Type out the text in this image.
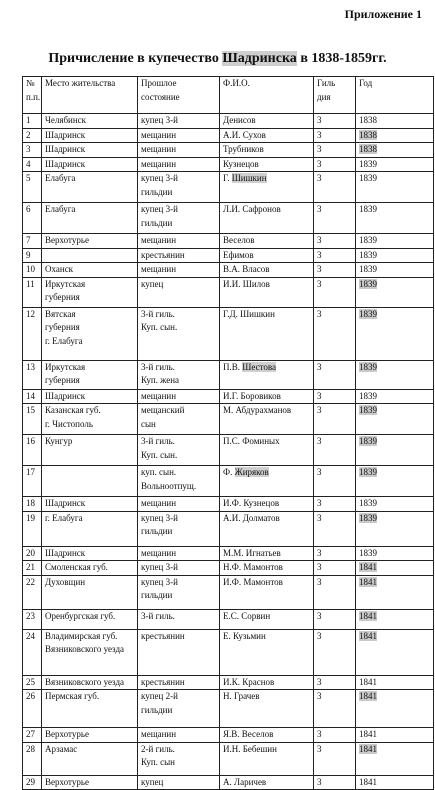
Приложение 1
Причисление в купечество Шадринска в 1838-1859гг.
№
п.п.	Место жительства	Прошлое
состояние	Ф.И.О.	Гиль
дия	Год
1	Челябинск	купец 3-й	Денисов	3	1838
2	Шадринск	мещанин	А.И. Сухов	3	1838
3	Шадринск	мещанин	Трубников	3	1838
4	Шадринск	мещанин	Кузнецов	3	1839
5	Елабуга	купец 3-й
гильдии	Г. Шишкин	3	1839
6	Елабуга	купец 3-й
гильдии	Л.И. Сафронов	3	1839
7	Верхотурье	мещанин	Веселов	3	1839
9		крестьянин	Ефимов	3	1839
10	Оханск	мещанин	В.А. Власов	3	1839
11	Иркутская
губерния	купец	И.И. Шилов	3	1839
12	Вятская
губерния
г. Елабуга	3-й гиль.
Куп. сын.	Г.Д. Шишкин	3	1839
13	Иркутская
губерния	3-й гиль.
Куп. жена	П.В. Шестова	3	1839
14	Шадринск	мещанин	И.Г. Боровиков	3	1839
15	Казанская губ.
г. Чистополь	мещанский
сын	М. Абдурахманов	3	1839
16	Кунгур	3-й гиль.
Куп. сын.	П.С. Фоминых	3	1839
17		куп. сын.
Вольноотпущ.	Ф. Жиряков	3	1839
18	Шадринск	мещанин	И.Ф. Кузнецов	3	1839
19	г. Елабуга	купец 3-й
гильдии	А.И. Долматов	3	1839
20	Шадринск	мещанин	М.М. Игнатьев	3	1839
21	Смоленская губ.	купец 3-й	Н.Ф. Мамонтов	3	1841
22	Духовщин	купец 3-й
гильдии	И.Ф. Мамонтов	3	1841
23	Оренбургская губ.	3-й гиль.	Е.С. Сорвин	3	1841
24	Владимирская губ.
Вязниковского уезда	крестьянин	Е. Кузьмин	3	1841
25	Вязниковского уезда	крестьянин	И.К. Краснов	3	1841
26	Пермская губ.	купец 2-й
гильдии	Н. Грачев	3	1841
27	Верхотурье	мещанин	Я.В. Веселов	3	1841
28	Арзамас	2-й гиль.
Куп. сын	И.Н. Бебешин	3	1841
29	Верхотурье	купец	А. Ларичев	3	1841
